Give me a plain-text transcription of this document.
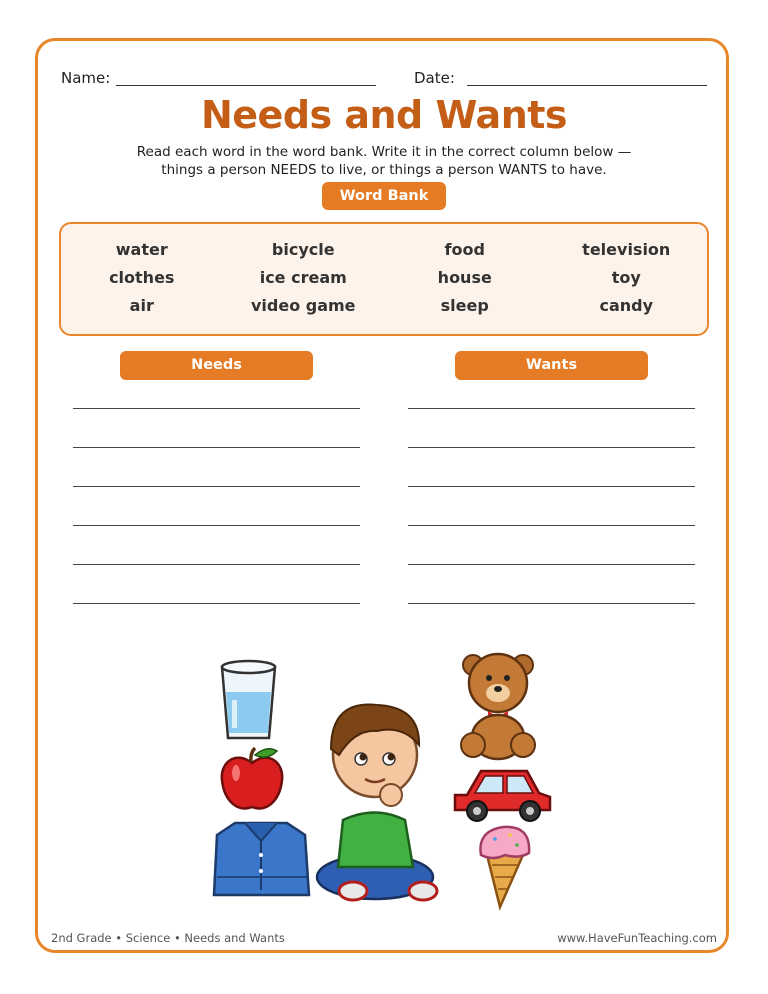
Name:	Date:
Needs and Wants
Read each word in the word bank. Write it in the correct column below — things a person NEEDS to live, or things a person WANTS to have.
Word Bank
water	bicycle	food	television
clothes	ice cream	house	toy
air	video game	sleep	candy
Needs	Wants
2nd Grade • Science • Needs and Wants	www.HaveFunTeaching.com
